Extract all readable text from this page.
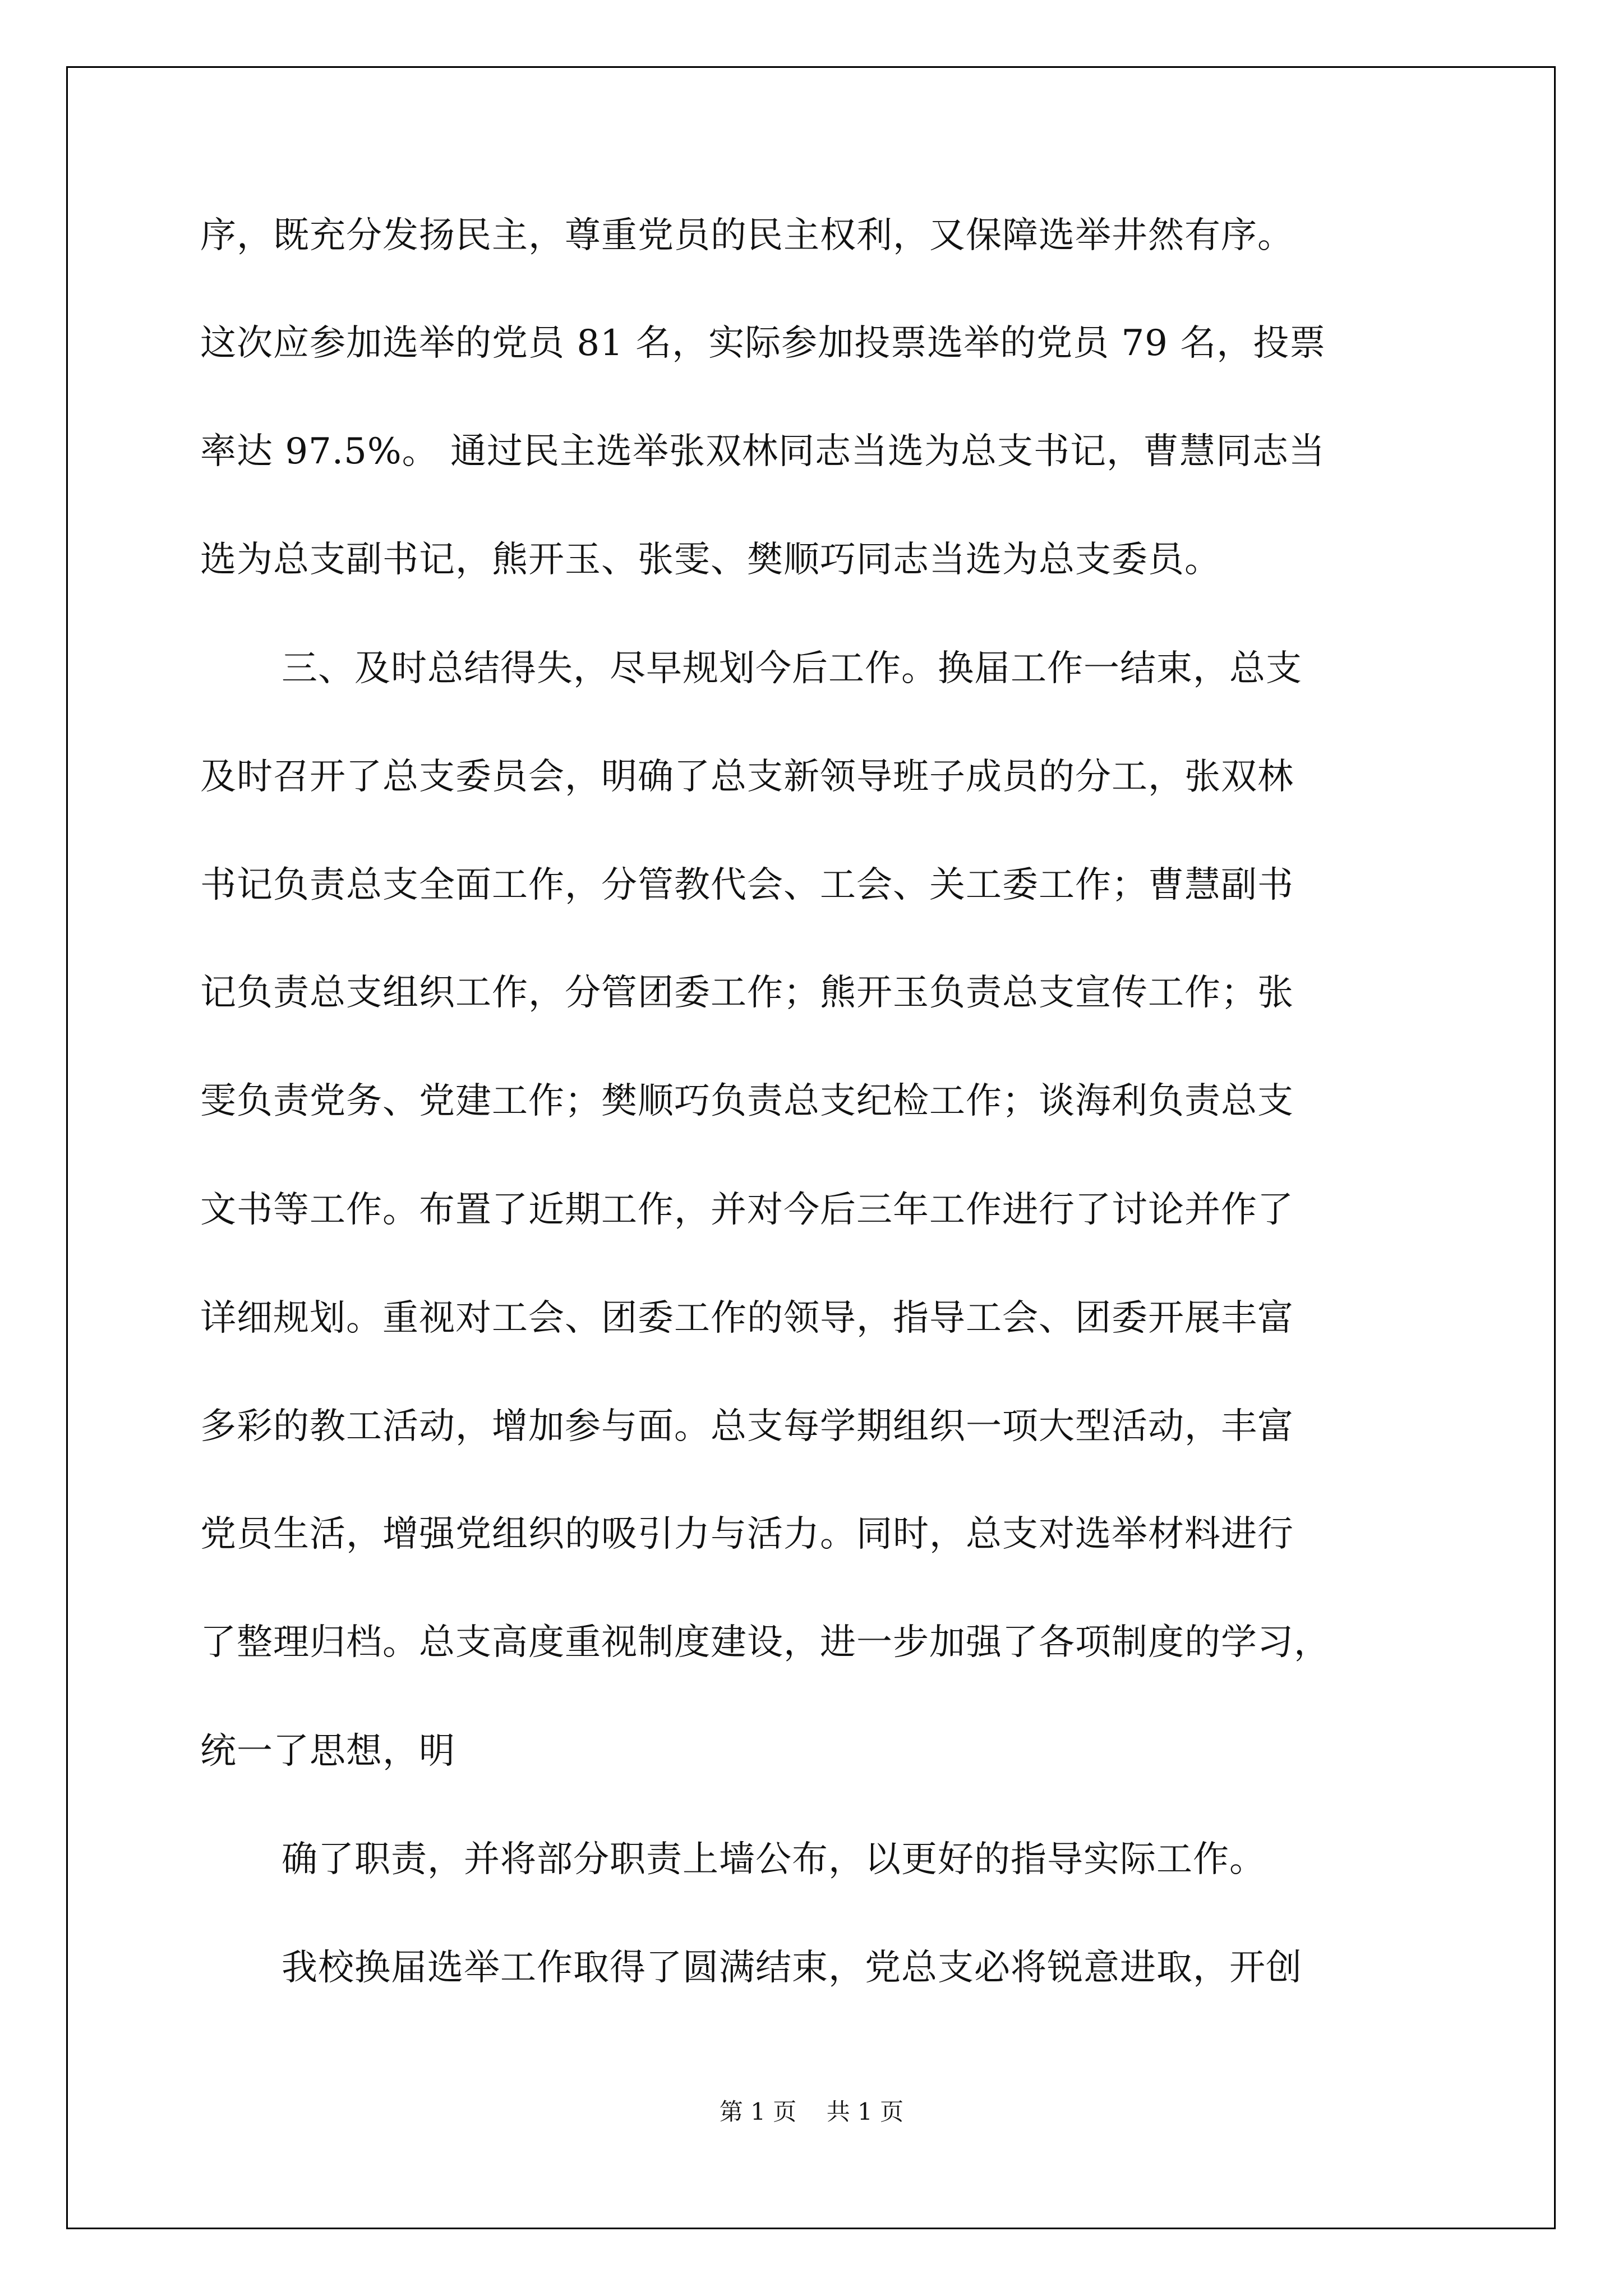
序，既充分发扬民主，尊重党员的民主权利，又保障选举井然有序。
这次应参加选举的党员 81 名，实际参加投票选举的党员 79 名，投票
率达 97.5%。 通过民主选举张双林同志当选为总支书记，曹慧同志当
选为总支副书记，熊开玉、张雯、樊顺巧同志当选为总支委员。
三、及时总结得失，尽早规划今后工作。换届工作一结束，总支
及时召开了总支委员会，明确了总支新领导班子成员的分工，张双林
书记负责总支全面工作，分管教代会、工会、关工委工作；曹慧副书
记负责总支组织工作，分管团委工作；熊开玉负责总支宣传工作；张
雯负责党务、党建工作；樊顺巧负责总支纪检工作；谈海利负责总支
文书等工作。布置了近期工作，并对今后三年工作进行了讨论并作了
详细规划。重视对工会、团委工作的领导，指导工会、团委开展丰富
多彩的教工活动，增加参与面。总支每学期组织一项大型活动，丰富
党员生活，增强党组织的吸引力与活力。同时，总支对选举材料进行
了整理归档。总支高度重视制度建设，进一步加强了各项制度的学习，
统一了思想，明
确了职责，并将部分职责上墙公布，以更好的指导实际工作。
我校换届选举工作取得了圆满结束，党总支必将锐意进取，开创
第 1 页    共 1 页
